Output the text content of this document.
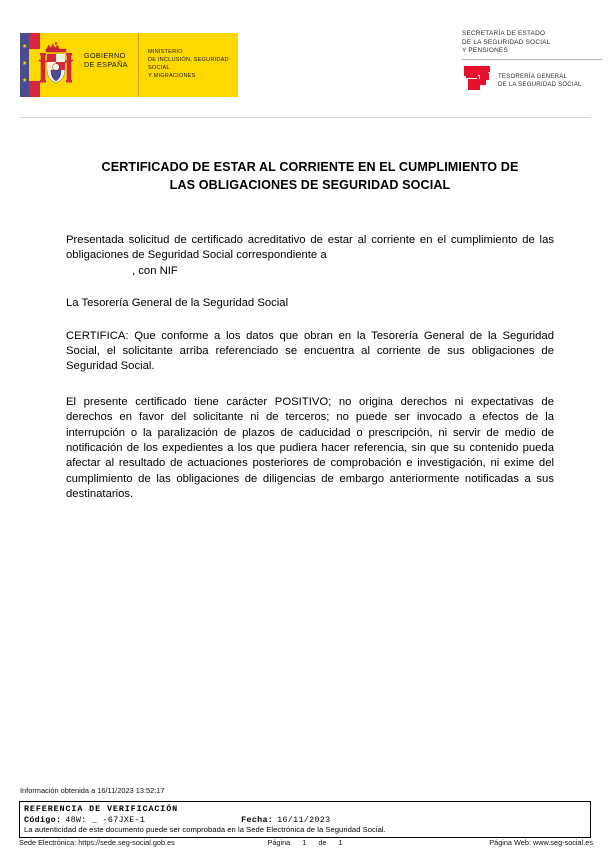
★
★
★
GOBIERNO
DE ESPAÑA
MINISTERIO
DE INCLUSIÓN, SEGURIDAD SOCIAL
Y MIGRACIONES
SECRETARÍA DE ESTADO
DE LA SEGURIDAD SOCIAL
Y PENSIONES
TESORERÍA GENERAL
DE LA SEGURIDAD SOCIAL
CERTIFICADO DE ESTAR AL CORRIENTE EN EL CUMPLIMIENTO DE
LAS OBLIGACIONES DE SEGURIDAD SOCIAL

Presentada solicitud de certificado acreditativo de estar al corriente en el cumplimiento de las obligaciones de Seguridad Social correspondiente a

, con NIF

La Tesorería General de la Seguridad Social

CERTIFICA: Que conforme a los datos que obran en la Tesorería General de la Seguridad Social, el solicitante arriba referenciado se encuentra al corriente de sus obligaciones de Seguridad Social.

El presente certificado tiene carácter POSITIVO; no origina derechos ni expectativas de derechos en favor del solicitante ni de terceros; no puede ser invocado a efectos de la interrupción o la paralización de plazos de caducidad o prescripción, ni servir de medio de notificación de los expedientes a los que pudiera hacer referencia, sin que su contenido pueda afectar al resultado de actuaciones posteriores de comprobación e investigación, ni exime del cumplimiento de las obligaciones de diligencias de embargo anteriormente notificadas a sus destinatarios.

Información obtenida a 16/11/2023 13:52:17
REFERENCIA DE VERIFICACIÓN
Código: 48W: _ -67JXE-1	Fecha: 16/11/2023
La autenticidad de este documento puede ser comprobada en la Sede Electrónica de la Seguridad Social.
Sede Electrónica: https://sede.seg-social.gob.es	Página 1 de 1	Página Web: www.seg-social.es
